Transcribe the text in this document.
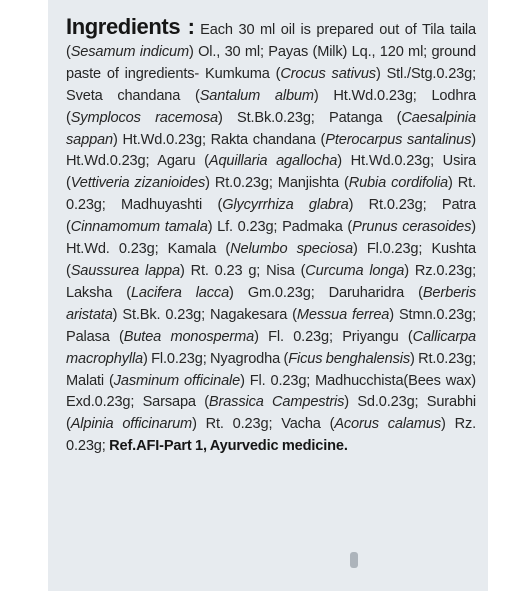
Ingredients : Each 30 ml oil is prepared out of Tila taila (Sesamum indicum) Ol., 30 ml; Payas (Milk) Lq., 120 ml; ground paste of ingredients- Kumkuma (Crocus sativus) Stl./Stg.0.23g; Sveta chandana (Santalum album) Ht.Wd.0.23g; Lodhra (Symplocos racemosa) St.Bk.0.23g; Patanga (Caesalpinia sappan) Ht.Wd.0.23g; Rakta chandana (Pterocarpus santalinus) Ht.Wd.0.23g; Agaru (Aquillaria agallocha) Ht.Wd.0.23g; Usira (Vettiveria zizanioides) Rt.0.23g; Manjishta (Rubia cordifolia) Rt. 0.23g; Madhuyashti (Glycyrrhiza glabra) Rt.0.23g; Patra (Cinnamomum tamala) Lf. 0.23g; Padmaka (Prunus cerasoides) Ht.Wd. 0.23g; Kamala (Nelumbo speciosa) Fl.0.23g; Kushta (Saussurea lappa) Rt. 0.23 g; Nisa (Curcuma longa) Rz.0.23g; Laksha (Lacifera lacca) Gm.0.23g; Daruharidra (Berberis aristata) St.Bk. 0.23g; Nagakesara (Messua ferrea) Stmn.0.23g; Palasa (Butea monosperma) Fl. 0.23g; Priyangu (Callicarpa macrophylla) Fl.0.23g; Nyagrodha (Ficus benghalensis) Rt.0.23g; Malati (Jasminum officinale) Fl. 0.23g; Madhucchista(Bees wax) Exd.0.23g; Sarsapa (Brassica Campestris) Sd.0.23g; Surabhi (Alpinia officinarum) Rt. 0.23g; Vacha (Acorus calamus) Rz. 0.23g; Ref.AFI-Part 1, Ayurvedic medicine.
